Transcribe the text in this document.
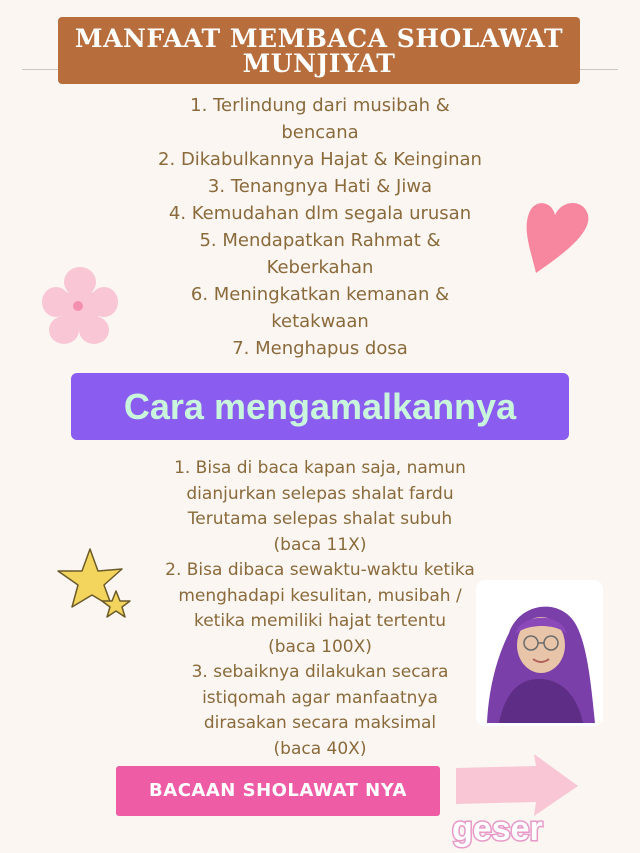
MANFAAT MEMBACA SHOLAWAT
MUNJIYAT
1. Terlindung dari musibah &
bencana
2. Dikabulkannya Hajat & Keinginan
3. Tenangnya Hati & Jiwa
4. Kemudahan dlm segala urusan
5. Mendapatkan Rahmat &
Keberkahan
6. Meningkatkan kemanan &
ketakwaan
7. Menghapus dosa
Cara mengamalkannya
1. Bisa di baca kapan saja, namun
dianjurkan selepas shalat fardu
Terutama selepas shalat subuh
(baca 11X)
2. Bisa dibaca sewaktu-waktu ketika
menghadapi kesulitan, musibah /
ketika memiliki hajat tertentu
(baca 100X)
3. sebaiknya dilakukan secara
istiqomah agar manfaatnya
dirasakan secara maksimal
(baca 40X)
BACAAN SHOLAWAT NYA
geser
